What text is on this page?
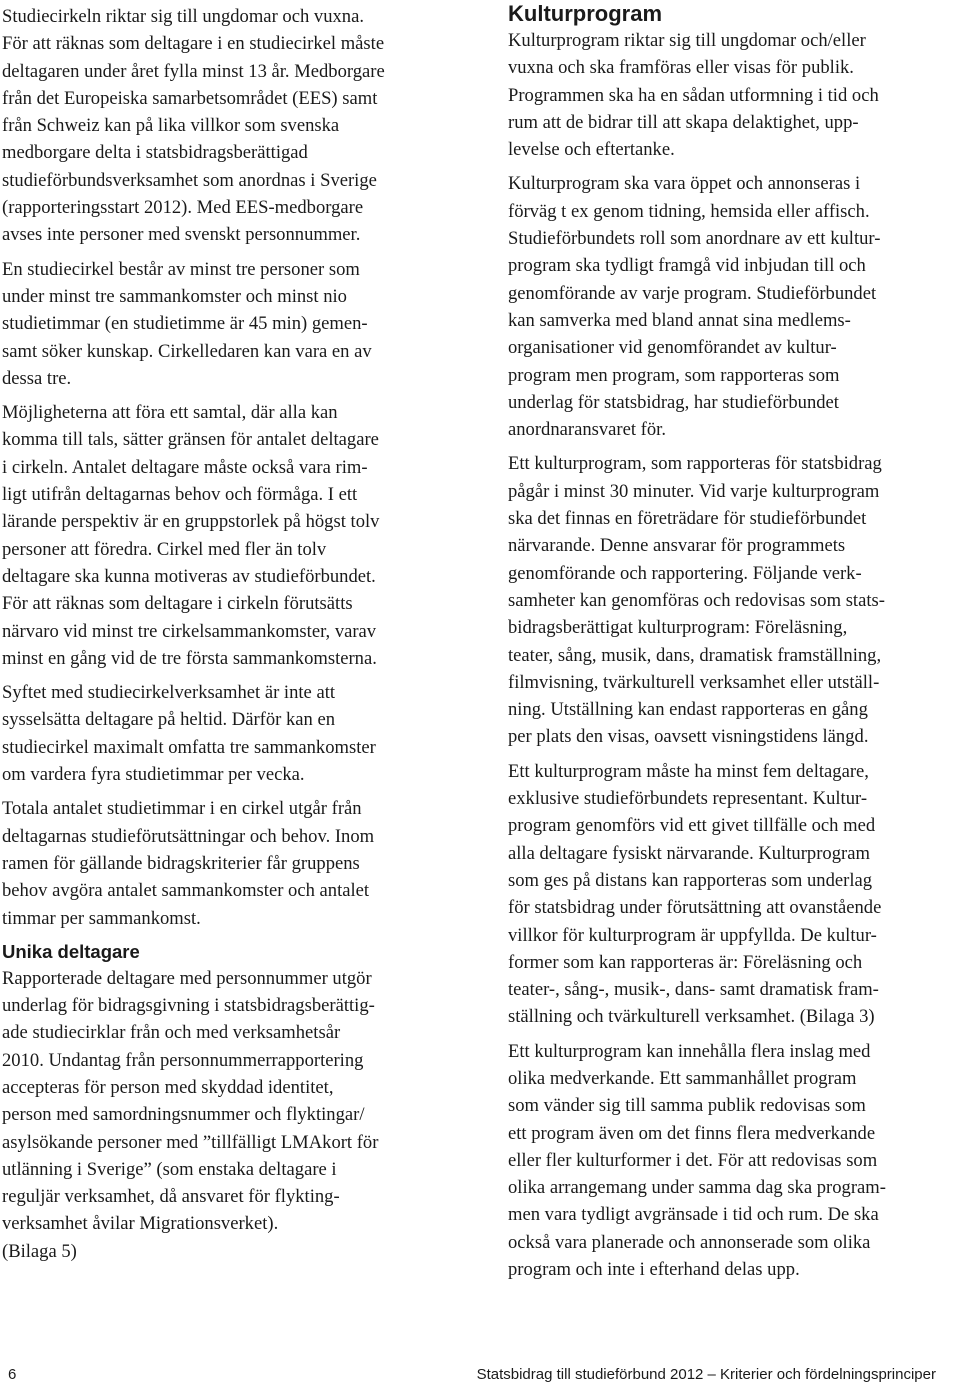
Studiecirkeln riktar sig till ungdomar och vuxna.
För att räknas som deltagare i en studiecirkel måste
deltagaren under året fylla minst 13 år. Medborgare
från det Europeiska samarbetsområdet (EES) samt
från Schweiz kan på lika villkor som svenska
medborgare delta i statsbidragsberättigad
studieförbundsverksamhet som anordnas i Sverige
(rapporteringsstart 2012). Med EES-medborgare
avses inte personer med svenskt personnummer.

En studiecirkel består av minst tre personer som
under minst tre sammankomster och minst nio
studietimmar (en studietimme är 45 min) gemen-
samt söker kunskap. Cirkelledaren kan vara en av
dessa tre.

Möjligheterna att föra ett samtal, där alla kan
komma till tals, sätter gränsen för antalet deltagare
i cirkeln. Antalet deltagare måste också vara rim-
ligt utifrån deltagarnas behov och förmåga. I ett
lärande perspektiv är en gruppstorlek på högst tolv
personer att föredra. Cirkel med fler än tolv
deltagare ska kunna motiveras av studieförbundet.
För att räknas som deltagare i cirkeln förutsätts
närvaro vid minst tre cirkelsammankomster, varav
minst en gång vid de tre första sammankomsterna.

Syftet med studiecirkelverksamhet är inte att
sysselsätta deltagare på heltid. Därför kan en
studiecirkel maximalt omfatta tre sammankomster
om vardera fyra studietimmar per vecka.

Totala antalet studietimmar i en cirkel utgår från
deltagarnas studieförutsättningar och behov. Inom
ramen för gällande bidragskriterier får gruppens
behov avgöra antalet sammankomster och antalet
timmar per sammankomst.

Unika deltagare

Rapporterade deltagare med personnummer utgör
underlag för bidragsgivning i statsbidragsberättig-
ade studiecirklar från och med verksamhetsår
2010. Undantag från personnummerrapportering
accepteras för person med skyddad identitet,
person med samordningsnummer och flyktingar/
asylsökande personer med ”tillfälligt LMAkort för
utlänning i Sverige” (som enstaka deltagare i
reguljär verksamhet, då ansvaret för flykting-
verksamhet åvilar Migrationsverket).
(Bilaga 5)

Kulturprogram

Kulturprogram riktar sig till ungdomar och/eller
vuxna och ska framföras eller visas för publik.
Programmen ska ha en sådan utformning i tid och
rum att de bidrar till att skapa delaktighet, upp-
levelse och eftertanke.

Kulturprogram ska vara öppet och annonseras i
förväg t ex genom tidning, hemsida eller affisch.
Studieförbundets roll som anordnare av ett kultur-
program ska tydligt framgå vid inbjudan till och
genomförande av varje program. Studieförbundet
kan samverka med bland annat sina medlems-
organisationer vid genomförandet av kultur-
program men program, som rapporteras som
underlag för statsbidrag, har studieförbundet
anordnaransvaret för.

Ett kulturprogram, som rapporteras för statsbidrag
pågår i minst 30 minuter. Vid varje kulturprogram
ska det finnas en företrädare för studieförbundet
närvarande. Denne ansvarar för programmets
genomförande och rapportering. Följande verk-
samheter kan genomföras och redovisas som stats-
bidragsberättigat kulturprogram: Föreläsning,
teater, sång, musik, dans, dramatisk framställning,
filmvisning, tvärkulturell verksamhet eller utställ-
ning. Utställning kan endast rapporteras en gång
per plats den visas, oavsett visningstidens längd.

Ett kulturprogram måste ha minst fem deltagare,
exklusive studieförbundets representant. Kultur-
program genomförs vid ett givet tillfälle och med
alla deltagare fysiskt närvarande. Kulturprogram
som ges på distans kan rapporteras som underlag
för statsbidrag under förutsättning att ovanstående
villkor för kulturprogram är uppfyllda. De kultur-
former som kan rapporteras är: Föreläsning och
teater-, sång-, musik-, dans- samt dramatisk fram-
ställning och tvärkulturell verksamhet. (Bilaga 3)

Ett kulturprogram kan innehålla flera inslag med
olika medverkande. Ett sammanhållet program
som vänder sig till samma publik redovisas som
ett program även om det finns flera medverkande
eller fler kulturformer i det. För att redovisas som
olika arrangemang under samma dag ska program-
men vara tydligt avgränsade i tid och rum. De ska
också vara planerade och annonserade som olika
program och inte i efterhand delas upp.

6	Statsbidrag till studieförbund 2012 – Kriterier och fördelningsprinciper
